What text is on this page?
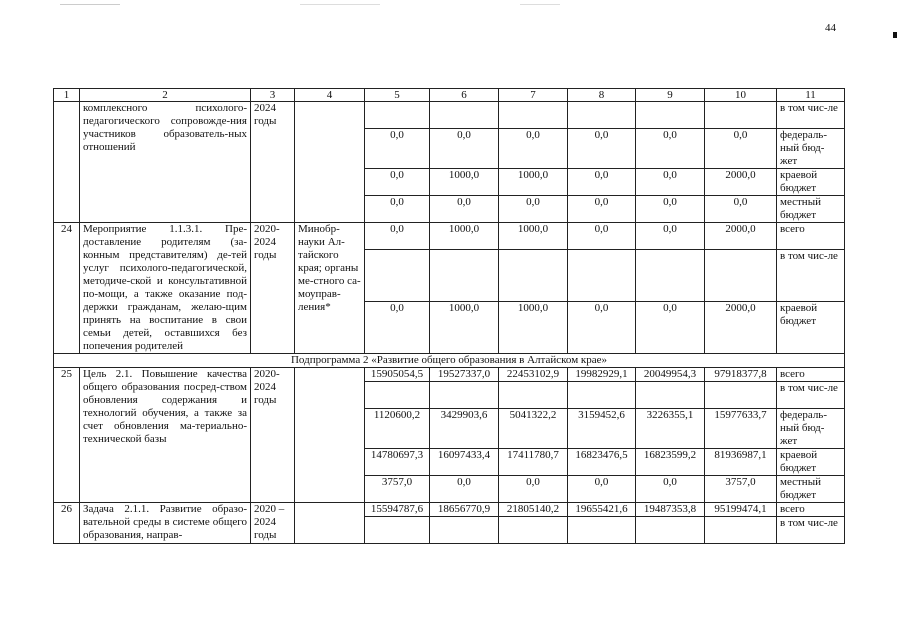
44
1	2	3	4	5	6	7	8	9	10	11
	комплексного психолого-педагогического сопровожде-ния участников образователь-ных отношений	2024 годы								в том чис-ле
				0,0	0,0	0,0	0,0	0,0	0,0	федераль-ный бюд-жет
				0,0	1000,0	1000,0	0,0	0,0	2000,0	краевой бюджет
				0,0	0,0	0,0	0,0	0,0	0,0	местный бюджет
24	Мероприятие 1.1.3.1. Пре-доставление родителям (за-конным представителям) де-тей услуг психолого-педагогической, методиче-ской и консультативной по-мощи, а также оказание под-держки гражданам, желаю-щим принять на воспитание в свои семьи детей, оставшихся без попечения родителей	2020-2024 годы	Минобр-науки Ал-тайского края; органы ме-стного са-моуправ-ления*	0,0	1000,0	1000,0	0,0	0,0	2000,0	всего
										в том чис-ле
				0,0	1000,0	1000,0	0,0	0,0	2000,0	краевой бюджет
Подпрограмма 2 «Развитие общего образования в Алтайском крае»										
25	Цель 2.1. Повышение качества общего образования посред-ством обновления содержания и технологий обучения, а также за счет обновления ма-териально-технической базы	2020-2024 годы		15905054,5	19527337,0	22453102,9	19982929,1	20049954,3	97918377,8	всего
										в том чис-ле
				1120600,2	3429903,6	5041322,2	3159452,6	3226355,1	15977633,7	федераль-ный бюд-жет
				14780697,3	16097433,4	17411780,7	16823476,5	16823599,2	81936987,1	краевой бюджет
				3757,0	0,0	0,0	0,0	0,0	3757,0	местный бюджет
26	Задача 2.1.1. Развитие образо-вательной среды в системе общего образования, направ-	2020 – 2024 годы		15594787,6	18656770,9	21805140,2	19655421,6	19487353,8	95199474,1	всего
										в том чис-ле
